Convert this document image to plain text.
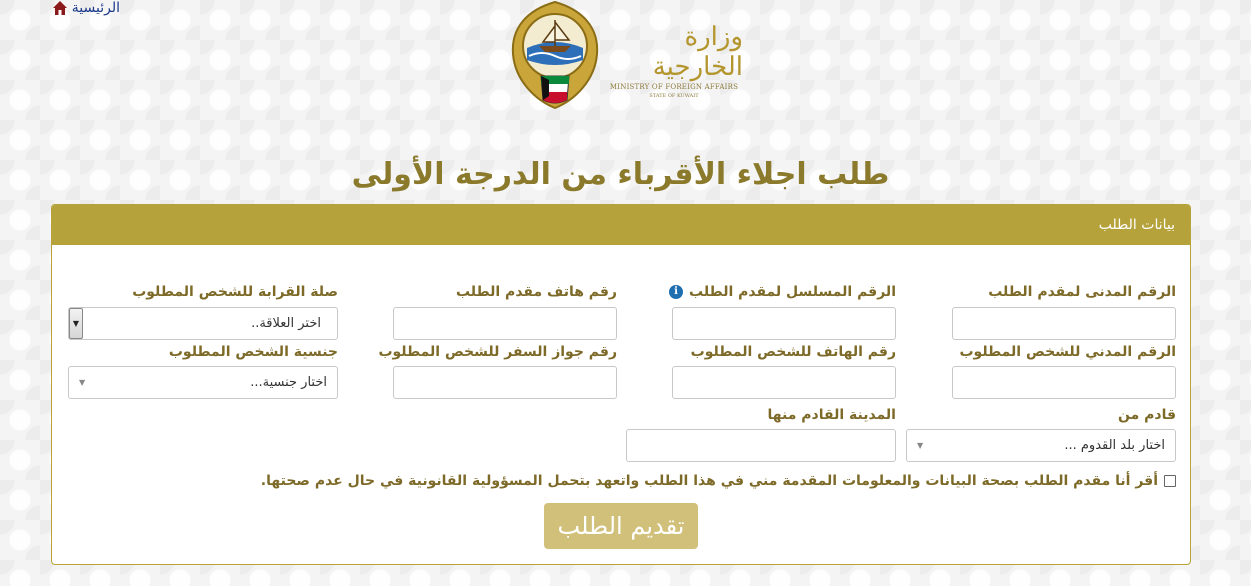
الرئيسية
وزارة الخارجية
MINISTRY OF FOREIGN AFFAIRS
STATE OF KUWAIT
طلب اجلاء الأقرباء من الدرجة الأولى
بيانات الطلب
الرقم المدنى لمقدم الطلب
الرقم المسلسل لمقدم الطلبi
رقم هاتف مقدم الطلب
صلة القرابة للشخص المطلوب
اختر العلاقة..
▼
الرقم المدني للشخص المطلوب
رقم الهاتف للشخص المطلوب
رقم جواز السفر للشخص المطلوب
جنسية الشخص المطلوب
اختار جنسية...
▼
قادم من
اختار بلد القدوم ...
▼
المدينة القادم منها
أقر أنا مقدم الطلب بصحة البيانات والمعلومات المقدمة مني في هذا الطلب واتعهد بتحمل المسؤولية القانونية في حال عدم صحتها.
تقديم الطلب
